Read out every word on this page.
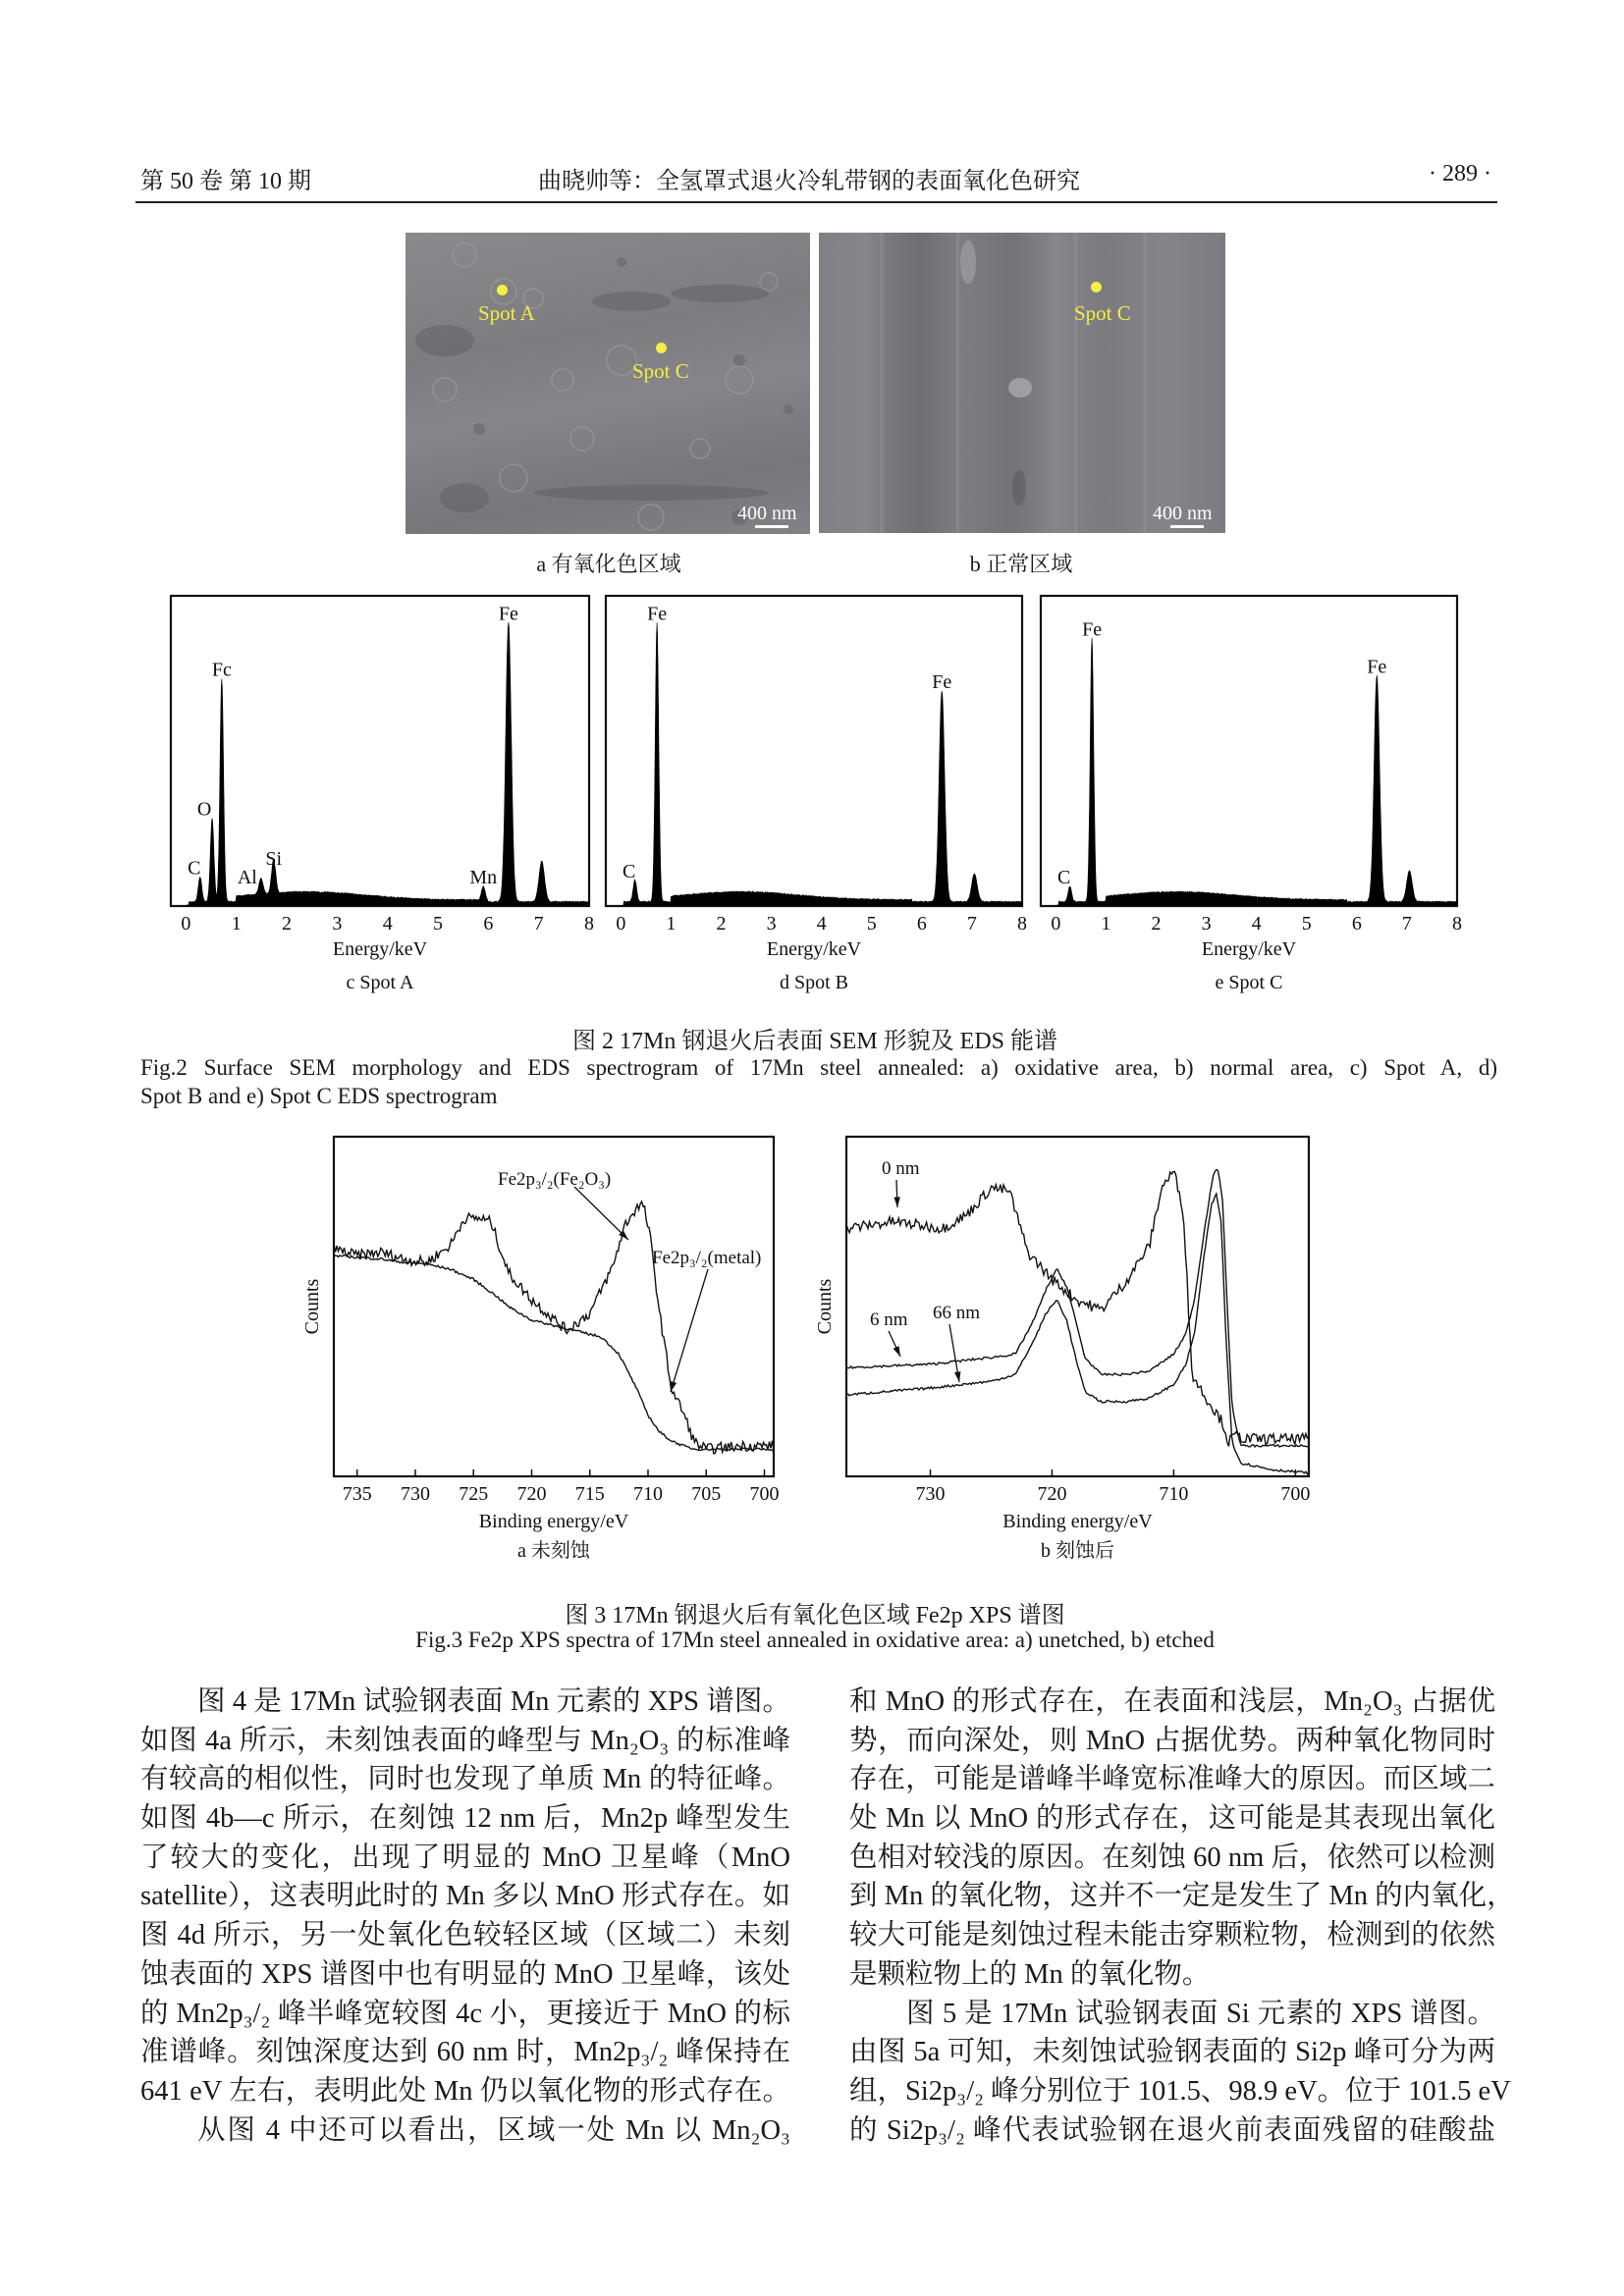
第 50 卷 第 10 期	曲晓帅等：全氢罩式退火冷轧带钢的表面氧化色研究	· 289 ·
Spot A
Spot C
400 nm
a 有氧化色区域
Spot C
400 nm
b 正常区域
C
O
Fc
Al
Si
Mn
Fe
0 1 2 3 4 5 6 7 8
Energy/keV
c Spot A
C
Fe
Fe
0 1 2 3 4 5 6 7 8
Energy/keV
d Spot B
C
Fe
Fe
0 1 2 3 4 5 6 7 8
Energy/keV
e Spot C
735 730 725 720 715 710 705 700
Binding energy/eV
a 未刻蚀
Counts
Fe2p₃/₂(Fe₂O₃)
Fe2p₃/₂(metal)
730	720	710	700
Binding energy/eV
b 刻蚀后
Counts
0 nm
6 nm 66 nm
图 2 17Mn 钢退火后表面 SEM 形貌及 EDS 能谱
Fig.2 Surface SEM morphology and EDS spectrogram of 17Mn steel annealed: a) oxidative area, b) normal area, c) Spot A, d)
Spot B and e) Spot C EDS spectrogram
图 3 17Mn 钢退火后有氧化色区域 Fe2p XPS 谱图
Fig.3 Fe2p XPS spectra of 17Mn steel annealed in oxidative area: a) unetched, b) etched
图 4 是 17Mn 试验钢表面 Mn 元素的 XPS 谱图。
如图 4a 所示，未刻蚀表面的峰型与 Mn₂O₃ 的标准峰
有较高的相似性，同时也发现了单质 Mn 的特征峰。
如图 4b—c 所示，在刻蚀 12 nm 后，Mn2p 峰型发生
了较大的变化，出现了明显的 MnO 卫星峰（MnO
satellite），这表明此时的 Mn 多以 MnO 形式存在。如
图 4d 所示，另一处氧化色较轻区域（区域二）未刻
蚀表面的 XPS 谱图中也有明显的 MnO 卫星峰，该处
的 Mn2p₃/₂ 峰半峰宽较图 4c 小，更接近于 MnO 的标
准谱峰。刻蚀深度达到 60 nm 时，Mn2p₃/₂ 峰保持在
641 eV 左右，表明此处 Mn 仍以氧化物的形式存在。
从图 4 中还可以看出，区域一处 Mn 以 Mn₂O₃
和 MnO 的形式存在，在表面和浅层，Mn₂O₃ 占据优
势，而向深处，则 MnO 占据优势。两种氧化物同时
存在，可能是谱峰半峰宽标准峰大的原因。而区域二
处 Mn 以 MnO 的形式存在，这可能是其表现出氧化
色相对较浅的原因。在刻蚀 60 nm 后，依然可以检测
到 Mn 的氧化物，这并不一定是发生了 Mn 的内氧化，
较大可能是刻蚀过程未能击穿颗粒物，检测到的依然
是颗粒物上的 Mn 的氧化物。
图 5 是 17Mn 试验钢表面 Si 元素的 XPS 谱图。
由图 5a 可知，未刻蚀试验钢表面的 Si2p 峰可分为两
组，Si2p₃/₂ 峰分别位于 101.5、98.9 eV。位于 101.5 eV
的 Si2p₃/₂ 峰代表试验钢在退火前表面残留的硅酸盐
